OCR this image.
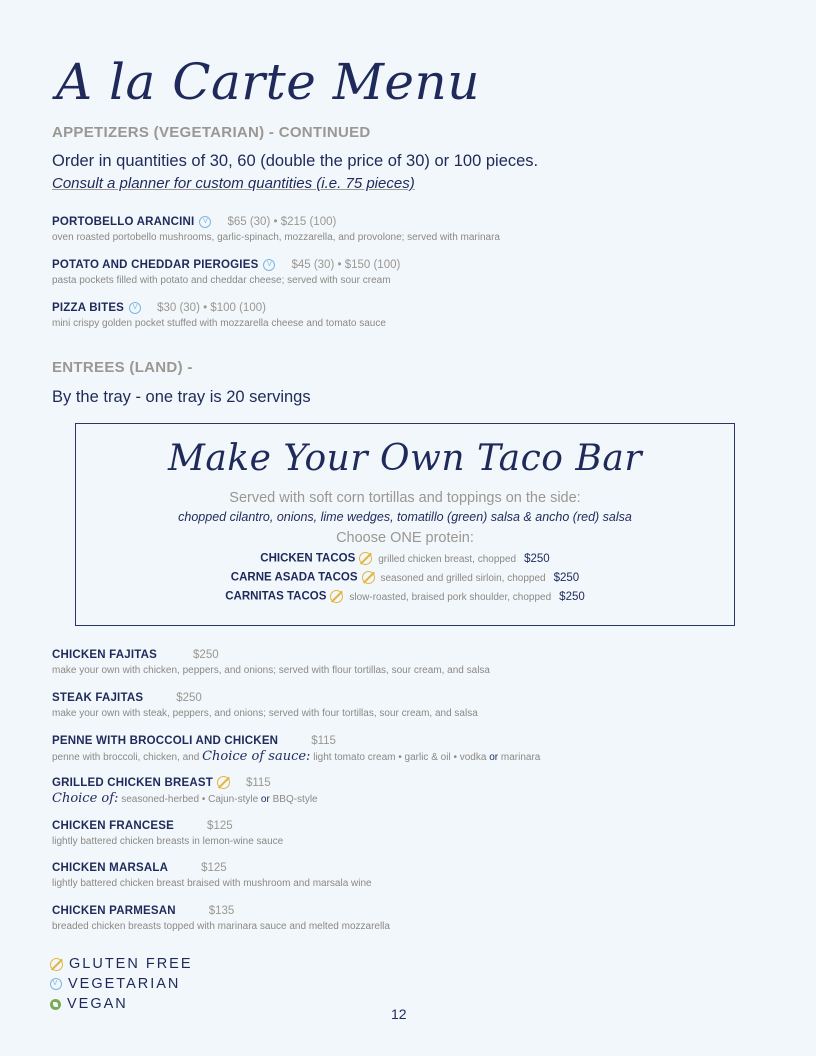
A la Carte Menu
APPETIZERS (VEGETARIAN) - CONTINUED
Order in quantities of 30, 60 (double the price of 30) or 100 pieces.
Consult a planner for custom quantities (i.e. 75 pieces)
PORTOBELLO ARANCINI V $65 (30) • $215 (100)
oven roasted portobello mushrooms, garlic-spinach, mozzarella, and provolone; served with marinara
POTATO AND CHEDDAR PIEROGIES V $45 (30) • $150 (100)
pasta pockets filled with potato and cheddar cheese; served with sour cream
PIZZA BITES V $30 (30) • $100 (100)
mini crispy golden pocket stuffed with mozzarella cheese and tomato sauce
ENTREES (LAND) -
By the tray - one tray is 20 servings
Make Your Own Taco Bar
Served with soft corn tortillas and toppings on the side:
chopped cilantro, onions, lime wedges, tomatillo (green) salsa & ancho (red) salsa
Choose ONE protein:
CHICKEN TACOS grilled chicken breast, chopped $250
CARNE ASADA TACOS seasoned and grilled sirloin, chopped $250
CARNITAS TACOS slow-roasted, braised pork shoulder, chopped $250
CHICKEN FAJITAS	$250
make your own with chicken, peppers, and onions; served with flour tortillas, sour cream, and salsa
STEAK FAJITAS	$250
make your own with steak, peppers, and onions; served with four tortillas, sour cream, and salsa
PENNE WITH BROCCOLI AND CHICKEN	$115
penne with broccoli, chicken, and Choice of sauce: light tomato cream • garlic & oil • vodka or marinara
GRILLED CHICKEN BREAST	$115
Choice of: seasoned-herbed • Cajun-style or BBQ-style
CHICKEN FRANCESE	$125
lightly battered chicken breasts in lemon-wine sauce
CHICKEN MARSALA	$125
lightly battered chicken breast braised with mushroom and marsala wine
CHICKEN PARMESAN	$135
breaded chicken breasts topped with marinara sauce and melted mozzarella
GLUTEN FREE
V VEGETARIAN
VEGAN
12
